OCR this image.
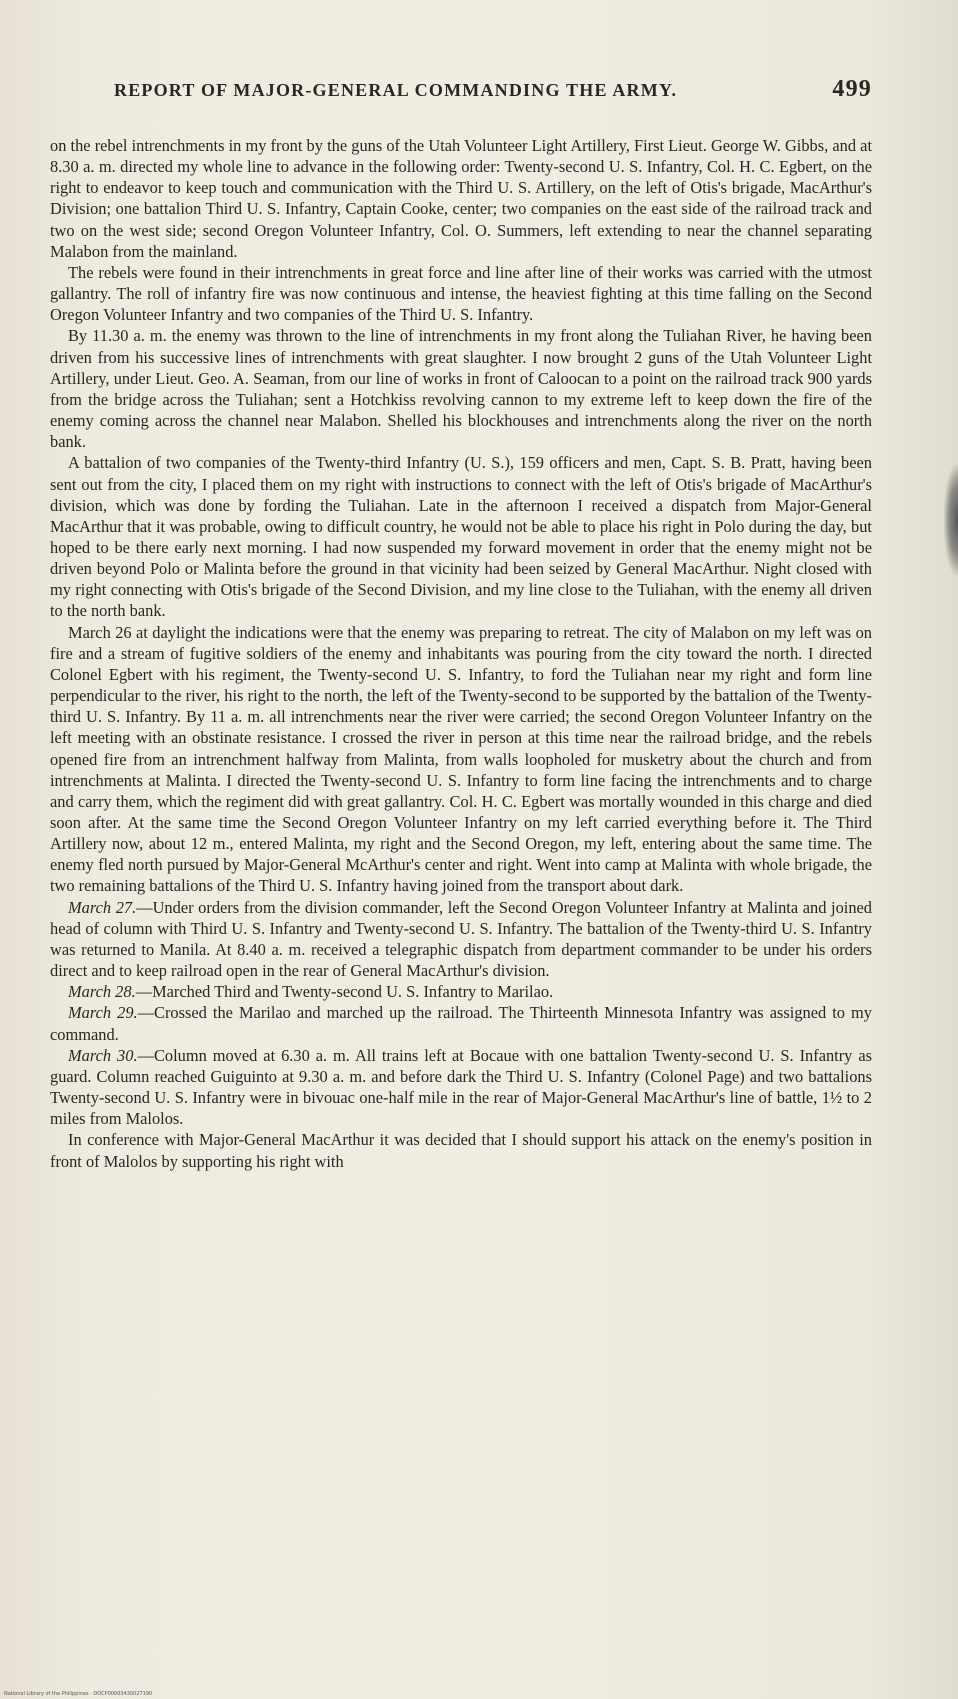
REPORT OF MAJOR-GENERAL COMMANDING THE ARMY.	499

on the rebel intrenchments in my front by the guns of the Utah Volunteer Light Artillery, First Lieut. George W. Gibbs, and at 8.30 a. m. directed my whole line to advance in the following order: Twenty-second U. S. Infantry, Col. H. C. Egbert, on the right to endeavor to keep touch and communication with the Third U. S. Artillery, on the left of Otis's brigade, MacArthur's Division; one battalion Third U. S. Infantry, Captain Cooke, center; two companies on the east side of the railroad track and two on the west side; second Oregon Volunteer Infantry, Col. O. Summers, left extending to near the channel separating Malabon from the mainland.

The rebels were found in their intrenchments in great force and line after line of their works was carried with the utmost gallantry. The roll of infantry fire was now continuous and intense, the heaviest fighting at this time falling on the Second Oregon Volunteer Infantry and two companies of the Third U. S. Infantry.

By 11.30 a. m. the enemy was thrown to the line of intrenchments in my front along the Tuliahan River, he having been driven from his successive lines of intrenchments with great slaughter. I now brought 2 guns of the Utah Volunteer Light Artillery, under Lieut. Geo. A. Seaman, from our line of works in front of Caloocan to a point on the railroad track 900 yards from the bridge across the Tuliahan; sent a Hotchkiss revolving cannon to my extreme left to keep down the fire of the enemy coming across the channel near Malabon. Shelled his blockhouses and intrenchments along the river on the north bank.

A battalion of two companies of the Twenty-third Infantry (U. S.), 159 officers and men, Capt. S. B. Pratt, having been sent out from the city, I placed them on my right with instructions to connect with the left of Otis's brigade of MacArthur's division, which was done by fording the Tuliahan. Late in the afternoon I received a dispatch from Major-General MacArthur that it was probable, owing to difficult country, he would not be able to place his right in Polo during the day, but hoped to be there early next morning. I had now suspended my forward movement in order that the enemy might not be driven beyond Polo or Malinta before the ground in that vicinity had been seized by General MacArthur. Night closed with my right connecting with Otis's brigade of the Second Division, and my line close to the Tuliahan, with the enemy all driven to the north bank.

March 26 at daylight the indications were that the enemy was preparing to retreat. The city of Malabon on my left was on fire and a stream of fugitive soldiers of the enemy and inhabitants was pouring from the city toward the north. I directed Colonel Egbert with his regiment, the Twenty-second U. S. Infantry, to ford the Tuliahan near my right and form line perpendicular to the river, his right to the north, the left of the Twenty-second to be supported by the battalion of the Twenty-third U. S. Infantry. By 11 a. m. all intrenchments near the river were carried; the second Oregon Volunteer Infantry on the left meeting with an obstinate resistance. I crossed the river in person at this time near the railroad bridge, and the rebels opened fire from an intrenchment halfway from Malinta, from walls loopholed for musketry about the church and from intrenchments at Malinta. I directed the Twenty-second U. S. Infantry to form line facing the intrenchments and to charge and carry them, which the regiment did with great gallantry. Col. H. C. Egbert was mortally wounded in this charge and died soon after. At the same time the Second Oregon Volunteer Infantry on my left carried everything before it. The Third Artillery now, about 12 m., entered Malinta, my right and the Second Oregon, my left, entering about the same time. The enemy fled north pursued by Major-General McArthur's center and right. Went into camp at Malinta with whole brigade, the two remaining battalions of the Third U. S. Infantry having joined from the transport about dark.

March 27.—Under orders from the division commander, left the Second Oregon Volunteer Infantry at Malinta and joined head of column with Third U. S. Infantry and Twenty-second U. S. Infantry. The battalion of the Twenty-third U. S. Infantry was returned to Manila. At 8.40 a. m. received a telegraphic dispatch from department commander to be under his orders direct and to keep railroad open in the rear of General MacArthur's division.

March 28.—Marched Third and Twenty-second U. S. Infantry to Marilao.

March 29.—Crossed the Marilao and marched up the railroad. The Thirteenth Minnesota Infantry was assigned to my command.

March 30.—Column moved at 6.30 a. m. All trains left at Bocaue with one battalion Twenty-second U. S. Infantry as guard. Column reached Guiguinto at 9.30 a. m. and before dark the Third U. S. Infantry (Colonel Page) and two battalions Twenty-second U. S. Infantry were in bivouac one-half mile in the rear of Major-General MacArthur's line of battle, 1½ to 2 miles from Malolos.

In conference with Major-General MacArthur it was decided that I should support his attack on the enemy's position in front of Malolos by supporting his right with

National Library of the Philippines · DOCP00003430027190
